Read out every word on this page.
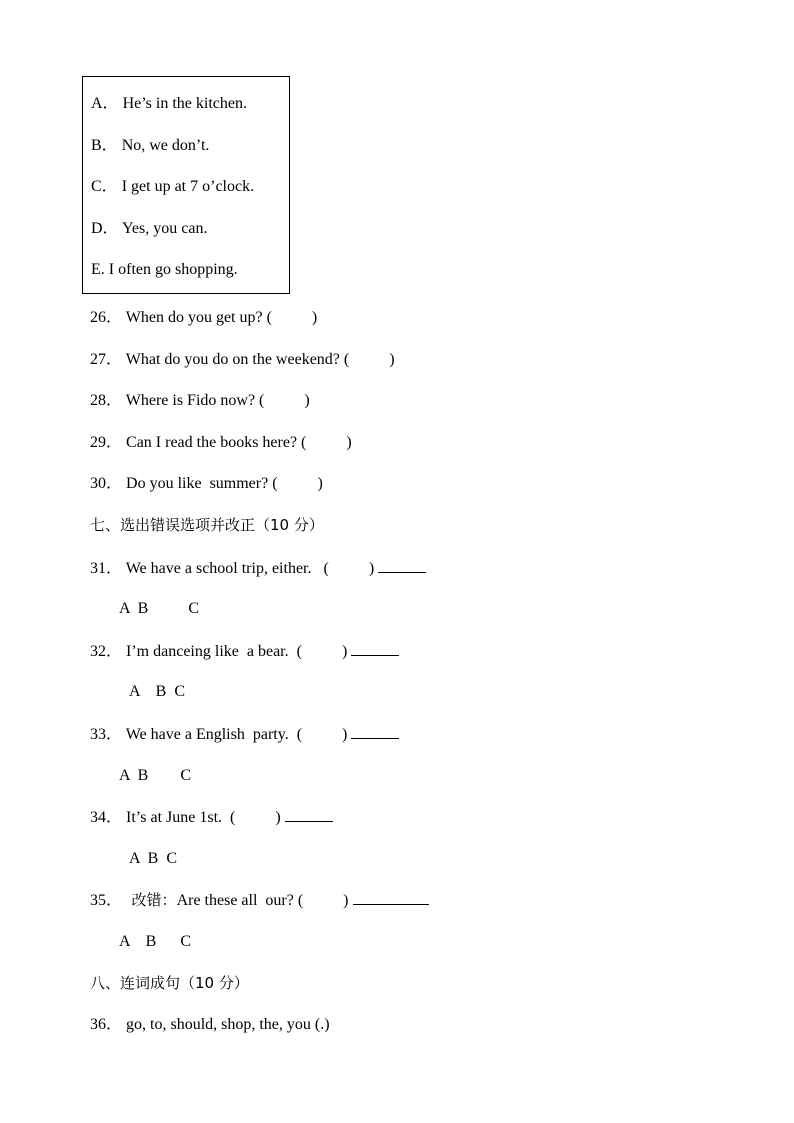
A． He’s in the kitchen.
B． No, we don’t.
C． I get up at 7 o’clock.
D． Yes, you can.
E. I often go shopping.
26． When do you get up? (          )
27． What do you do on the weekend? (          )
28． Where is Fido now? (          )
29． Can I read the books here? (          )
30． Do you like  summer? (          )
七、选出错误选项并改正（10 分）
31． We have a school trip, either.   (          )
A  B          C
32． I’m danceing like  a bear.  (          )
A    B  C
33． We have a English  party.  (          )
A  B        C
34． It’s at June 1st.  (          )
A  B  C
35．  改错：Are these all  our? (          )
A    B      C
八、连词成句（10 分）
36． go, to, should, shop, the, you (.)
